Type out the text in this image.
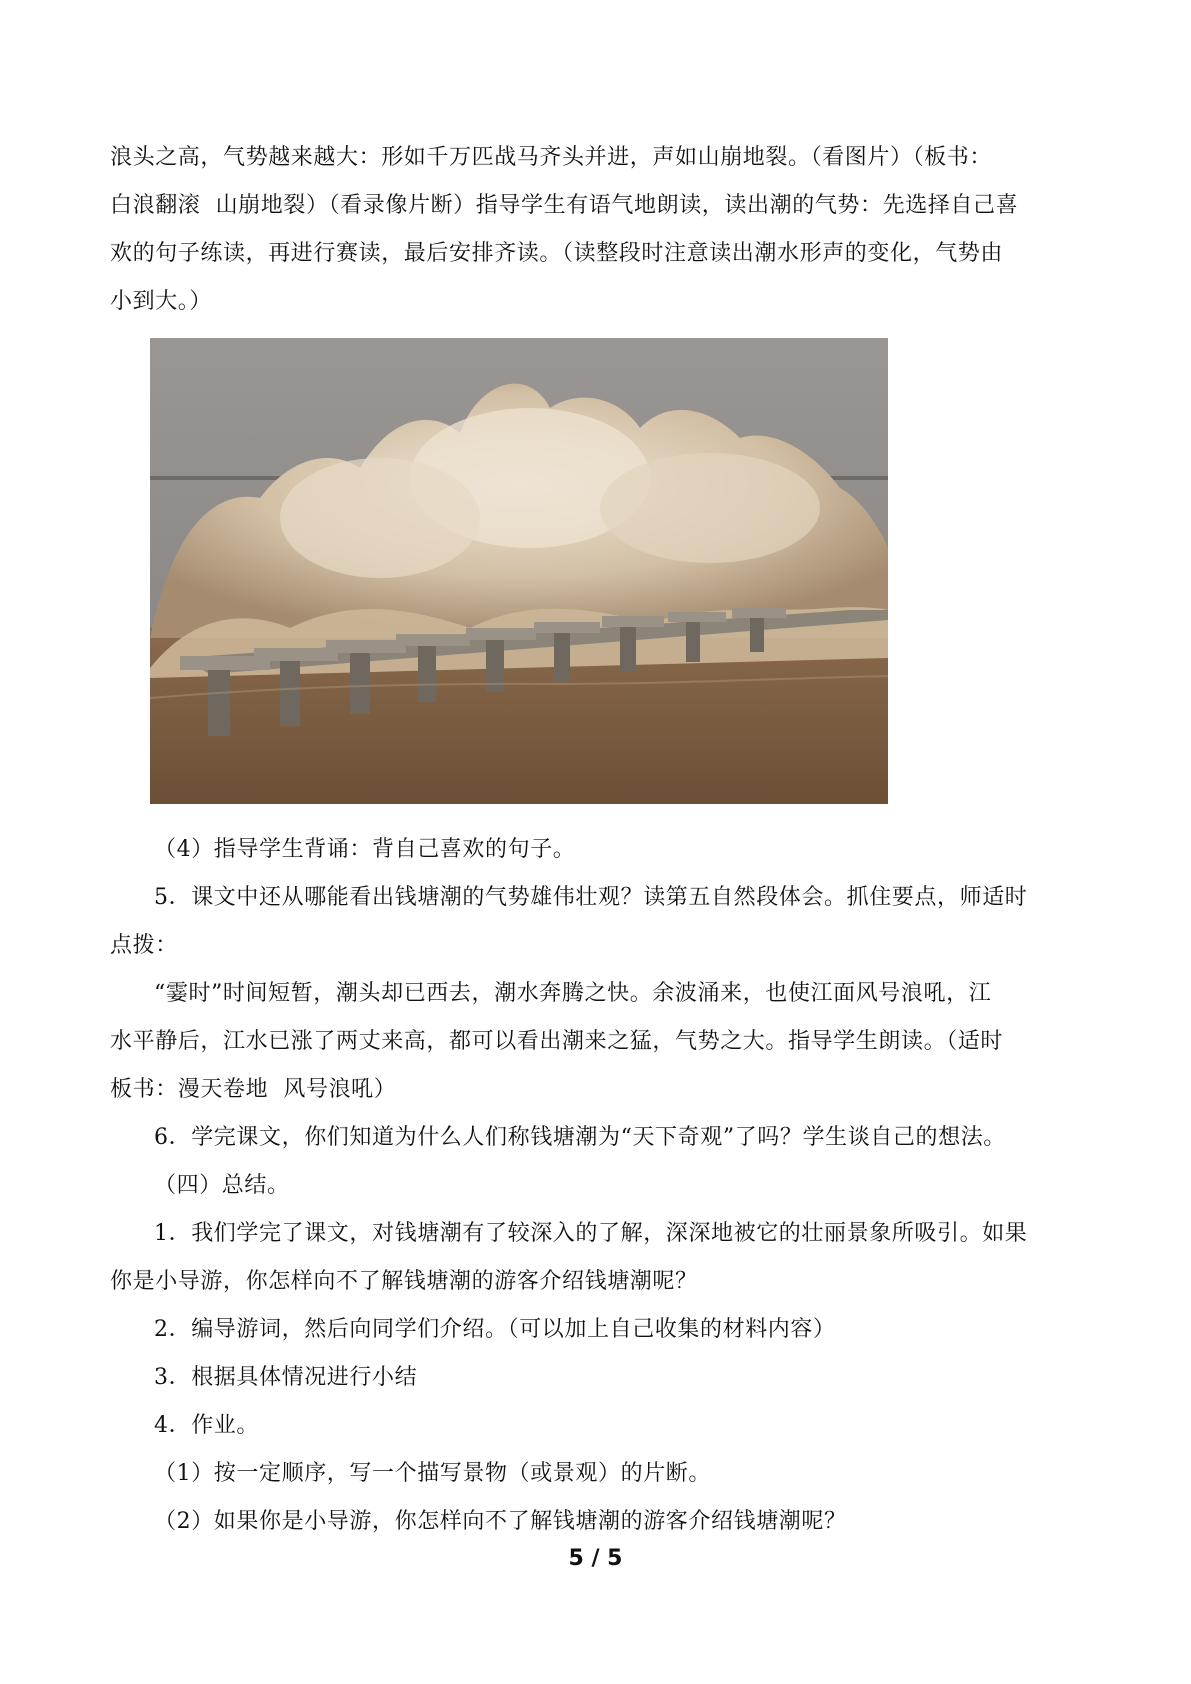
浪头之高，气势越来越大：形如千万匹战马齐头并进，声如山崩地裂。（看图片）（板书：

白浪翻滚  山崩地裂）（看录像片断）指导学生有语气地朗读，读出潮的气势：先选择自己喜

欢的句子练读，再进行赛读，最后安排齐读。（读整段时注意读出潮水形声的变化，气势由

小到大。）

（4）指导学生背诵：背自己喜欢的句子。

5．课文中还从哪能看出钱塘潮的气势雄伟壮观？读第五自然段体会。抓住要点，师适时

点拨：

“霎时”时间短暂，潮头却已西去，潮水奔腾之快。余波涌来，也使江面风号浪吼，江

水平静后，江水已涨了两丈来高，都可以看出潮来之猛，气势之大。指导学生朗读。（适时

板书：漫天卷地  风号浪吼）

6．学完课文，你们知道为什么人们称钱塘潮为“天下奇观”了吗？学生谈自己的想法。

（四）总结。

1．我们学完了课文，对钱塘潮有了较深入的了解，深深地被它的壮丽景象所吸引。如果

你是小导游，你怎样向不了解钱塘潮的游客介绍钱塘潮呢？

2．编导游词，然后向同学们介绍。（可以加上自己收集的材料内容）

3．根据具体情况进行小结

4．作业。

（1）按一定顺序，写一个描写景物（或景观）的片断。

（2）如果你是小导游，你怎样向不了解钱塘潮的游客介绍钱塘潮呢？

5 / 5
